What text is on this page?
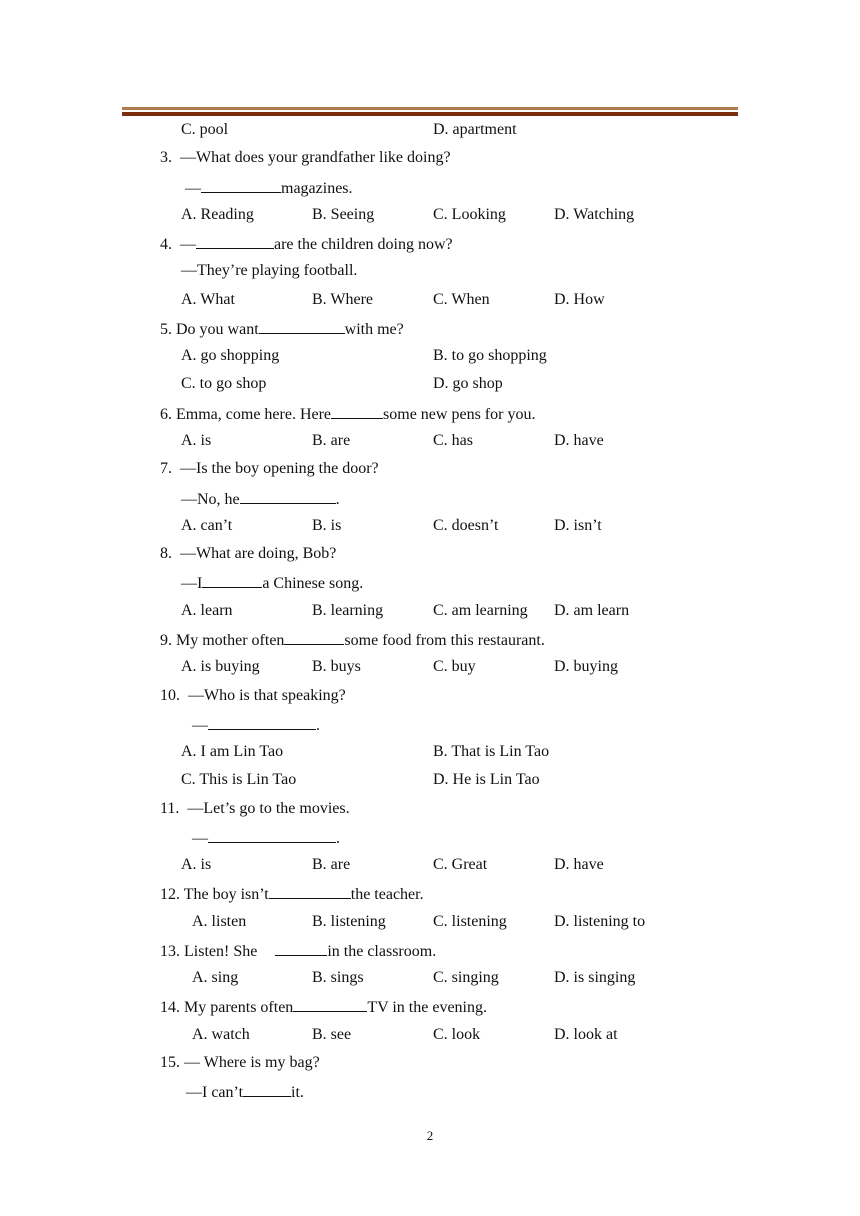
C. pool	D. apartment
3.  —What does your grandfather like doing?
—	magazines.
A. Reading	B. Seeing	C. Looking	D. Watching
4.  —	are the children doing now?
—They’re playing football.
A. What	B. Where	C. When	D. How
5. Do you want	with me?
A. go shopping	B. to go shopping
C. to go shop	D. go shop
6. Emma, come here. Here	some new pens for you.
A. is	B. are	C. has	D. have
7.  —Is the boy opening the door?
—No, he	.
A. can’t	B. is	C. doesn’t	D. isn’t
8.  —What are doing, Bob?
—I	a Chinese song.
A. learn	B. learning	C. am learning D. am learn
9. My mother often	some food from this restaurant.
A. is buying	B. buys	C. buy	D. buying
10.  —Who is that speaking?
—	.
A. I am Lin Tao	B. That is Lin Tao
C. This is Lin Tao	D. He is Lin Tao
11.  —Let’s go to the movies.
—	.
A. is	B. are	C. Great	D. have
12. The boy isn’t	the teacher.
A. listen	B. listening	C. listening	D. listening to
13. Listen! She	in the classroom.
A. sing	B. sings	C. singing	D. is singing
14. My parents often	TV in the evening.
A. watch	B. see	C. look	D. look at
15. — Where is my bag?
—I can’t	it.
2
